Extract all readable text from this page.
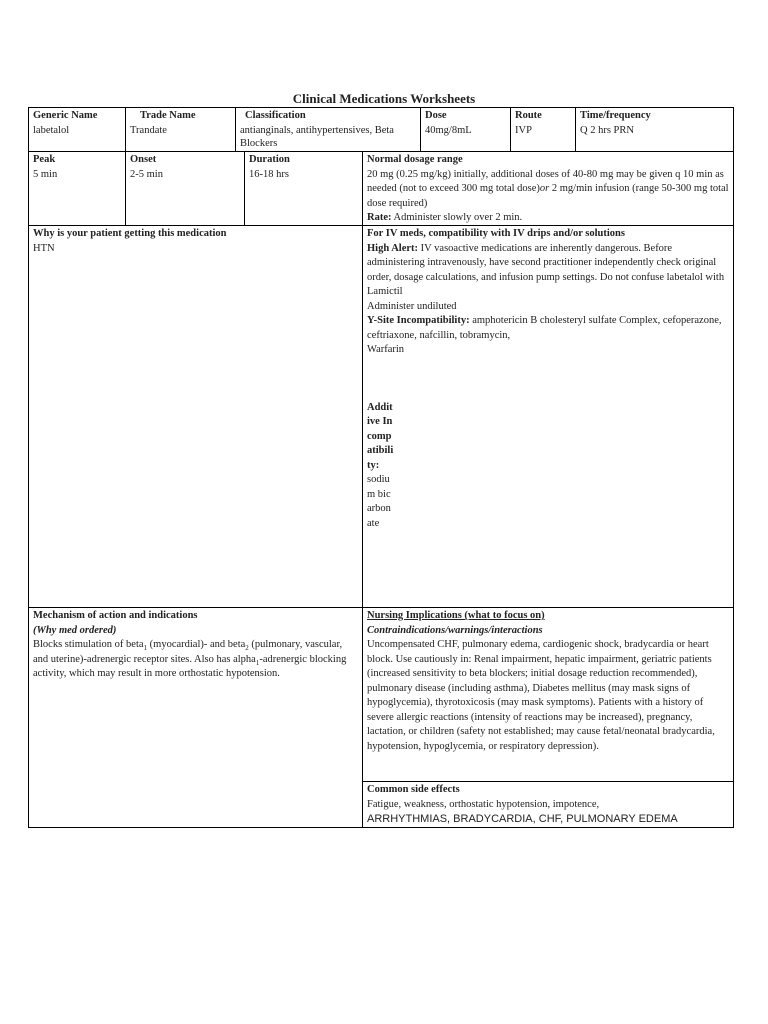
Clinical Medications Worksheets
Generic Name
labetalol
Trade Name
Trandate
Classification
antianginals, antihypertensives, Beta Blockers
Dose
40mg/8mL
Route
IVP
Time/frequency
Q 2 hrs PRN
Peak
5 min
Onset
2-5 min
Duration
16-18 hrs
Normal dosage range
20 mg (0.25 mg/kg) initially, additional doses of 40-80 mg may be given q 10 min as needed (not to exceed 300 mg total dose)or 2 mg/min infusion (range 50-300 mg total dose required)
Rate: Administer slowly over 2 min.
Why is your patient getting this medication
HTN
For IV meds, compatibility with IV drips and/or solutions
High Alert: IV vasoactive medications are inherently dangerous. Before administering intravenously, have second practitioner independently check original order, dosage calculations, and infusion pump settings. Do not confuse labetalol with Lamictil
Administer undiluted
Y-Site Incompatibility: amphotericin B cholesteryl sulfate Complex, cefoperazone, ceftriaxone, nafcillin, tobramycin,
Warfarin
Additive Incompatibility:
sodium bicarbonate
Mechanism of action and indications
(Why med ordered)
Blocks stimulation of beta$_1$ (myocardial)- and beta$_2$ (pulmonary, vascular, and uterine)-adrenergic receptor sites. Also has alpha$_1$-adrenergic blocking activity, which may result in more orthostatic hypotension.
Nursing Implications (what to focus on)
Contraindications/warnings/interactions
Uncompensated CHF, pulmonary edema, cardiogenic shock, bradycardia or heart block. Use cautiously in: Renal impairment, hepatic impairment, geriatric patients (increased sensitivity to beta blockers; initial dosage reduction recommended), pulmonary disease (including asthma), Diabetes mellitus (may mask signs of hypoglycemia), thyrotoxicosis (may mask symptoms). Patients with a history of severe allergic reactions (intensity of reactions may be increased), pregnancy, lactation, or children (safety not established; may cause fetal/neonatal bradycardia, hypotension, hypoglycemia, or respiratory depression).
Common side effects
Fatigue, weakness, orthostatic hypotension, impotence,
ARRHYTHMIAS, BRADYCARDIA, CHF, PULMONARY EDEMA
